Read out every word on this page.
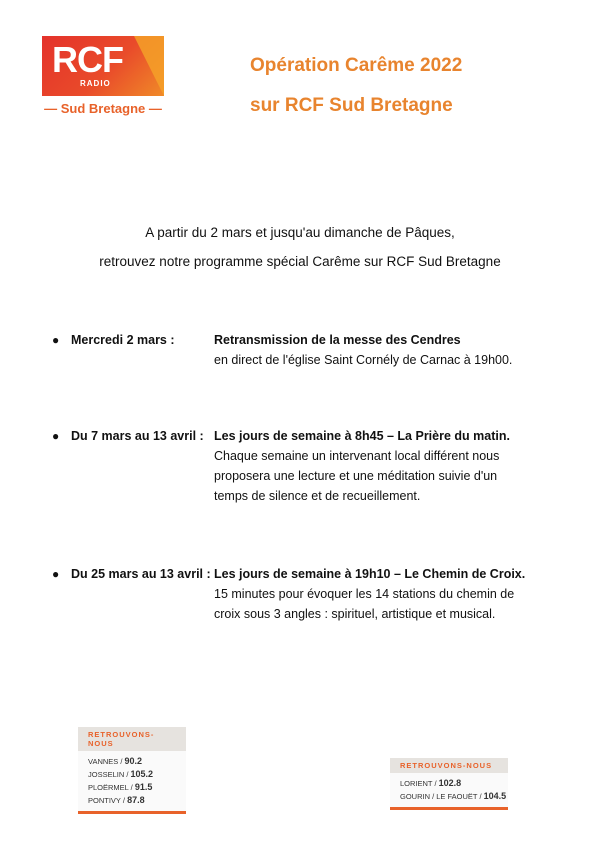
RCF
RADIO
— Sud Bretagne —
Opération Carême 2022
sur RCF Sud Bretagne
A partir du 2 mars et jusqu'au dimanche de Pâques,
retrouvez notre programme spécial Carême sur RCF Sud Bretagne
● Mercredi 2 mars :	Retransmission de la messe des Cendres
en direct de l'église Saint Cornély de Carnac à 19h00.
● Du 7 mars au 13 avril : Les jours de semaine à 8h45 – La Prière du matin.
Chaque semaine un intervenant local différent nous
proposera une lecture et une méditation suivie d'un
temps de silence et de recueillement.
● Du 25 mars au 13 avril : Les jours de semaine à 19h10 – Le Chemin de Croix.
15 minutes pour évoquer les 14 stations du chemin de
croix sous 3 angles : spirituel, artistique et musical.
RETROUVONS-NOUS
VANNES / 90.2
JOSSELIN / 105.2
PLOËRMEL / 91.5
PONTIVY / 87.8
RETROUVONS-NOUS
LORIENT / 102.8
GOURIN / LE FAOUËT / 104.5
